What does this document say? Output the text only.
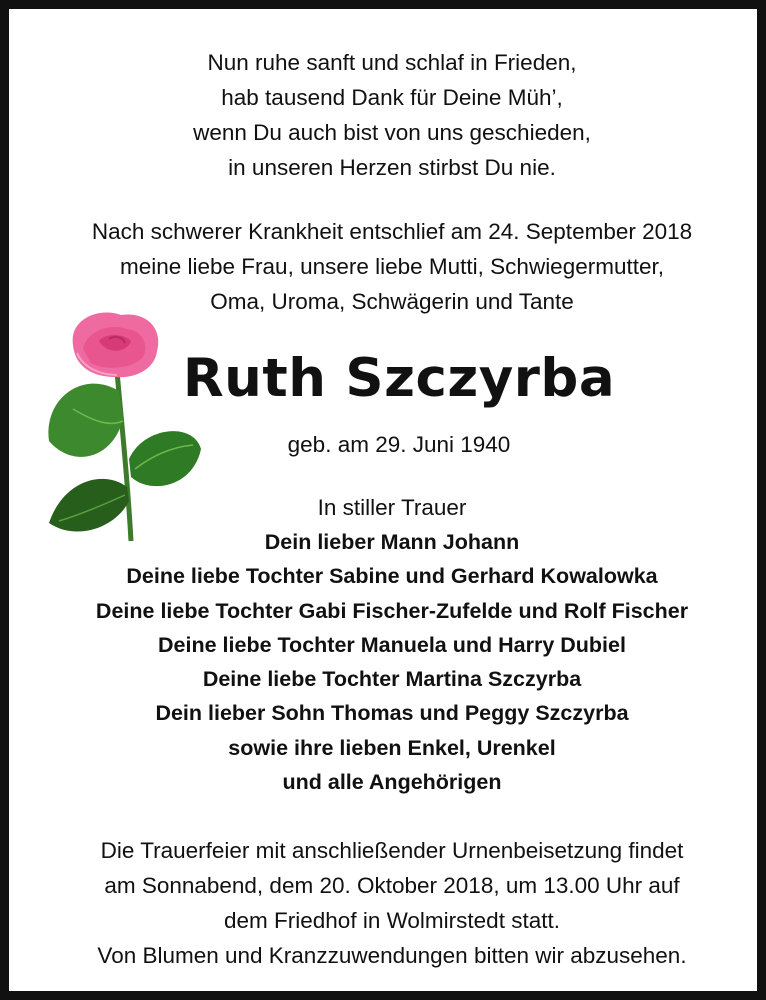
Nun ruhe sanft und schlaf in Frieden,
hab tausend Dank für Deine Müh’,
wenn Du auch bist von uns geschieden,
in unseren Herzen stirbst Du nie.
Nach schwerer Krankheit entschlief am 24. September 2018
meine liebe Frau, unsere liebe Mutti, Schwiegermutter,
Oma, Uroma, Schwägerin und Tante
Ruth Szczyrba
geb. am 29. Juni 1940
In stiller Trauer
Dein lieber Mann Johann
Deine liebe Tochter Sabine und Gerhard Kowalowka
Deine liebe Tochter Gabi Fischer-Zufelde und Rolf Fischer
Deine liebe Tochter Manuela und Harry Dubiel
Deine liebe Tochter Martina Szczyrba
Dein lieber Sohn Thomas und Peggy Szczyrba
sowie ihre lieben Enkel, Urenkel
und alle Angehörigen
Die Trauerfeier mit anschließender Urnenbeisetzung findet
am Sonnabend, dem 20. Oktober 2018, um 13.00 Uhr auf
dem Friedhof in Wolmirstedt statt.
Von Blumen und Kranzzuwendungen bitten wir abzusehen.
